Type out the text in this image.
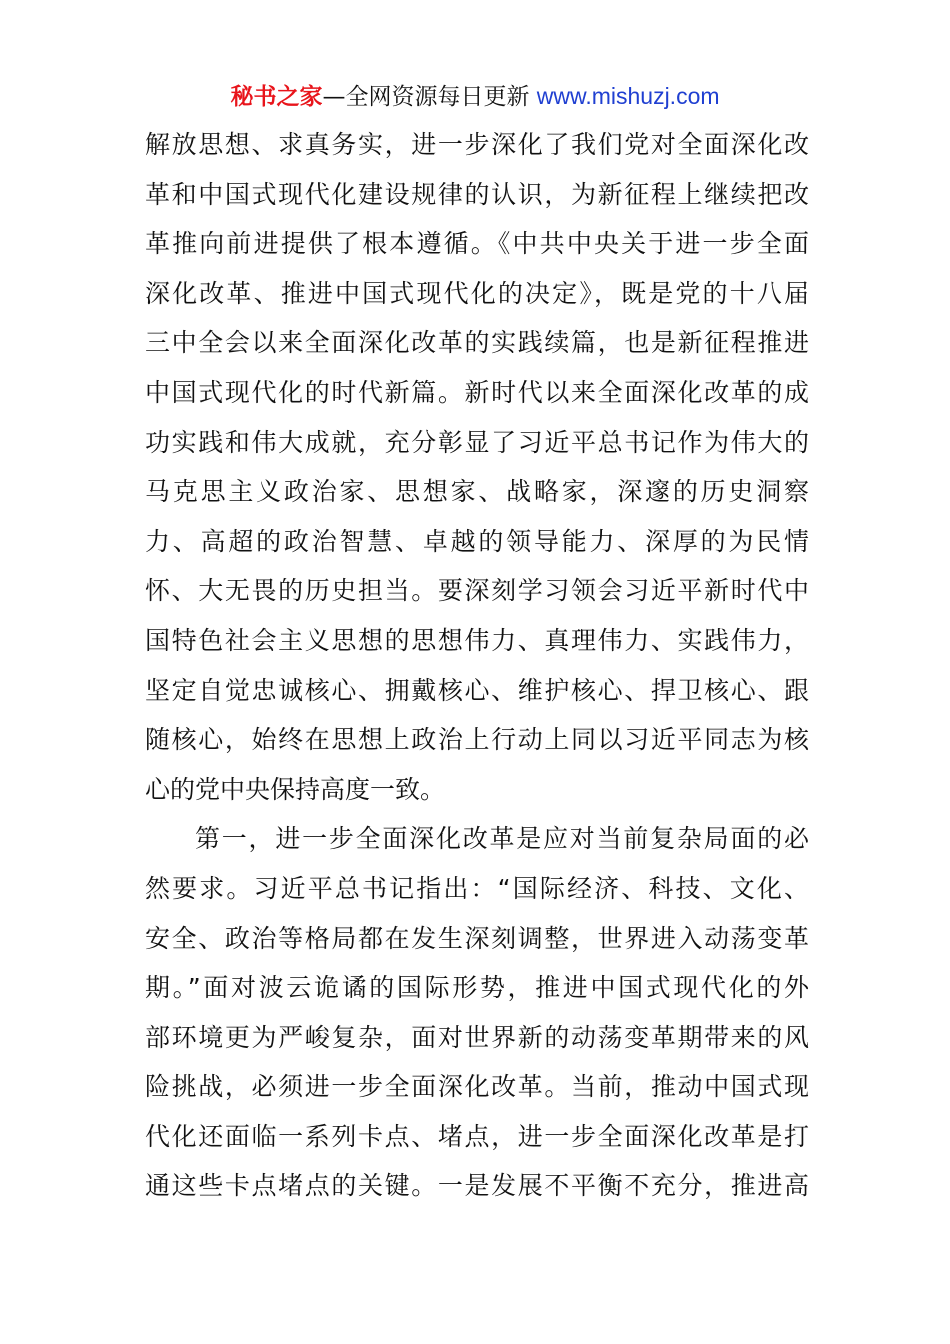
秘书之家—全网资源每日更新 www.mishuzj.com
解放思想、求真务实，进一步深化了我们党对全面深化改
革和中国式现代化建设规律的认识，为新征程上继续把改
革推向前进提供了根本遵循。《中共中央关于进一步全面
深化改革、推进中国式现代化的决定》，既是党的十八届
三中全会以来全面深化改革的实践续篇，也是新征程推进
中国式现代化的时代新篇。新时代以来全面深化改革的成
功实践和伟大成就，充分彰显了习近平总书记作为伟大的
马克思主义政治家、思想家、战略家，深邃的历史洞察
力、高超的政治智慧、卓越的领导能力、深厚的为民情
怀、大无畏的历史担当。要深刻学习领会习近平新时代中
国特色社会主义思想的思想伟力、真理伟力、实践伟力，
坚定自觉忠诚核心、拥戴核心、维护核心、捍卫核心、跟
随核心，始终在思想上政治上行动上同以习近平同志为核
心的党中央保持高度一致。
第一，进一步全面深化改革是应对当前复杂局面的必
然要求。习近平总书记指出：“国际经济、科技、文化、
安全、政治等格局都在发生深刻调整，世界进入动荡变革
期。”面对波云诡谲的国际形势，推进中国式现代化的外
部环境更为严峻复杂，面对世界新的动荡变革期带来的风
险挑战，必须进一步全面深化改革。当前，推动中国式现
代化还面临一系列卡点、堵点，进一步全面深化改革是打
通这些卡点堵点的关键。一是发展不平衡不充分，推进高
